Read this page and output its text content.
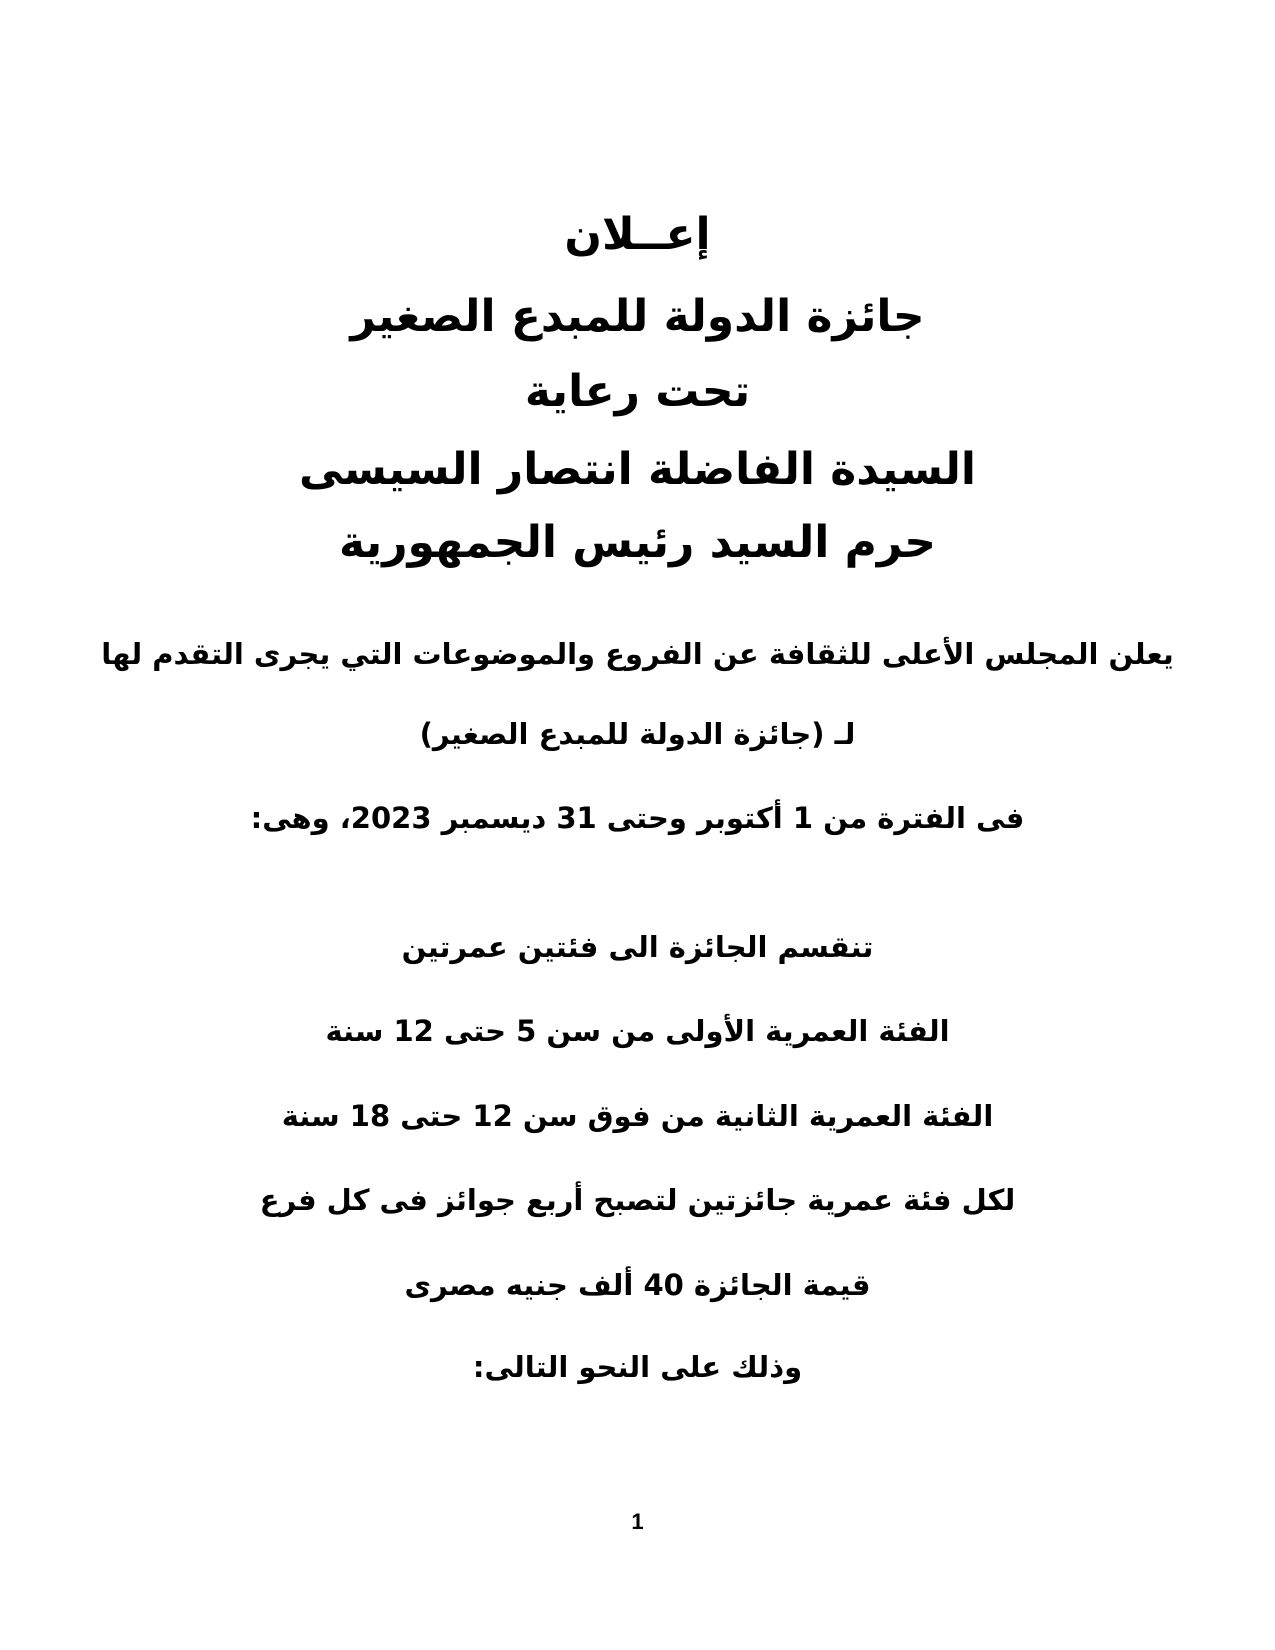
إعــلان
جائزة الدولة للمبدع الصغير
تحت رعاية
السيدة الفاضلة انتصار السيسى
حرم السيد رئيس الجمهورية
يعلن المجلس الأعلى للثقافة عن الفروع والموضوعات التي يجرى التقدم لها
لـ (جائزة الدولة للمبدع الصغير)
فى الفترة من 1 أكتوبر وحتى 31 ديسمبر 2023، وهى:
تنقسم الجائزة الى فئتين عمرتين
الفئة العمرية الأولى من سن 5 حتى 12 سنة
الفئة العمرية الثانية من فوق سن 12 حتى 18 سنة
لكل فئة عمرية جائزتين لتصبح أربع جوائز فى كل فرع
قيمة الجائزة 40 ألف جنيه مصرى
وذلك على النحو التالى:
1
